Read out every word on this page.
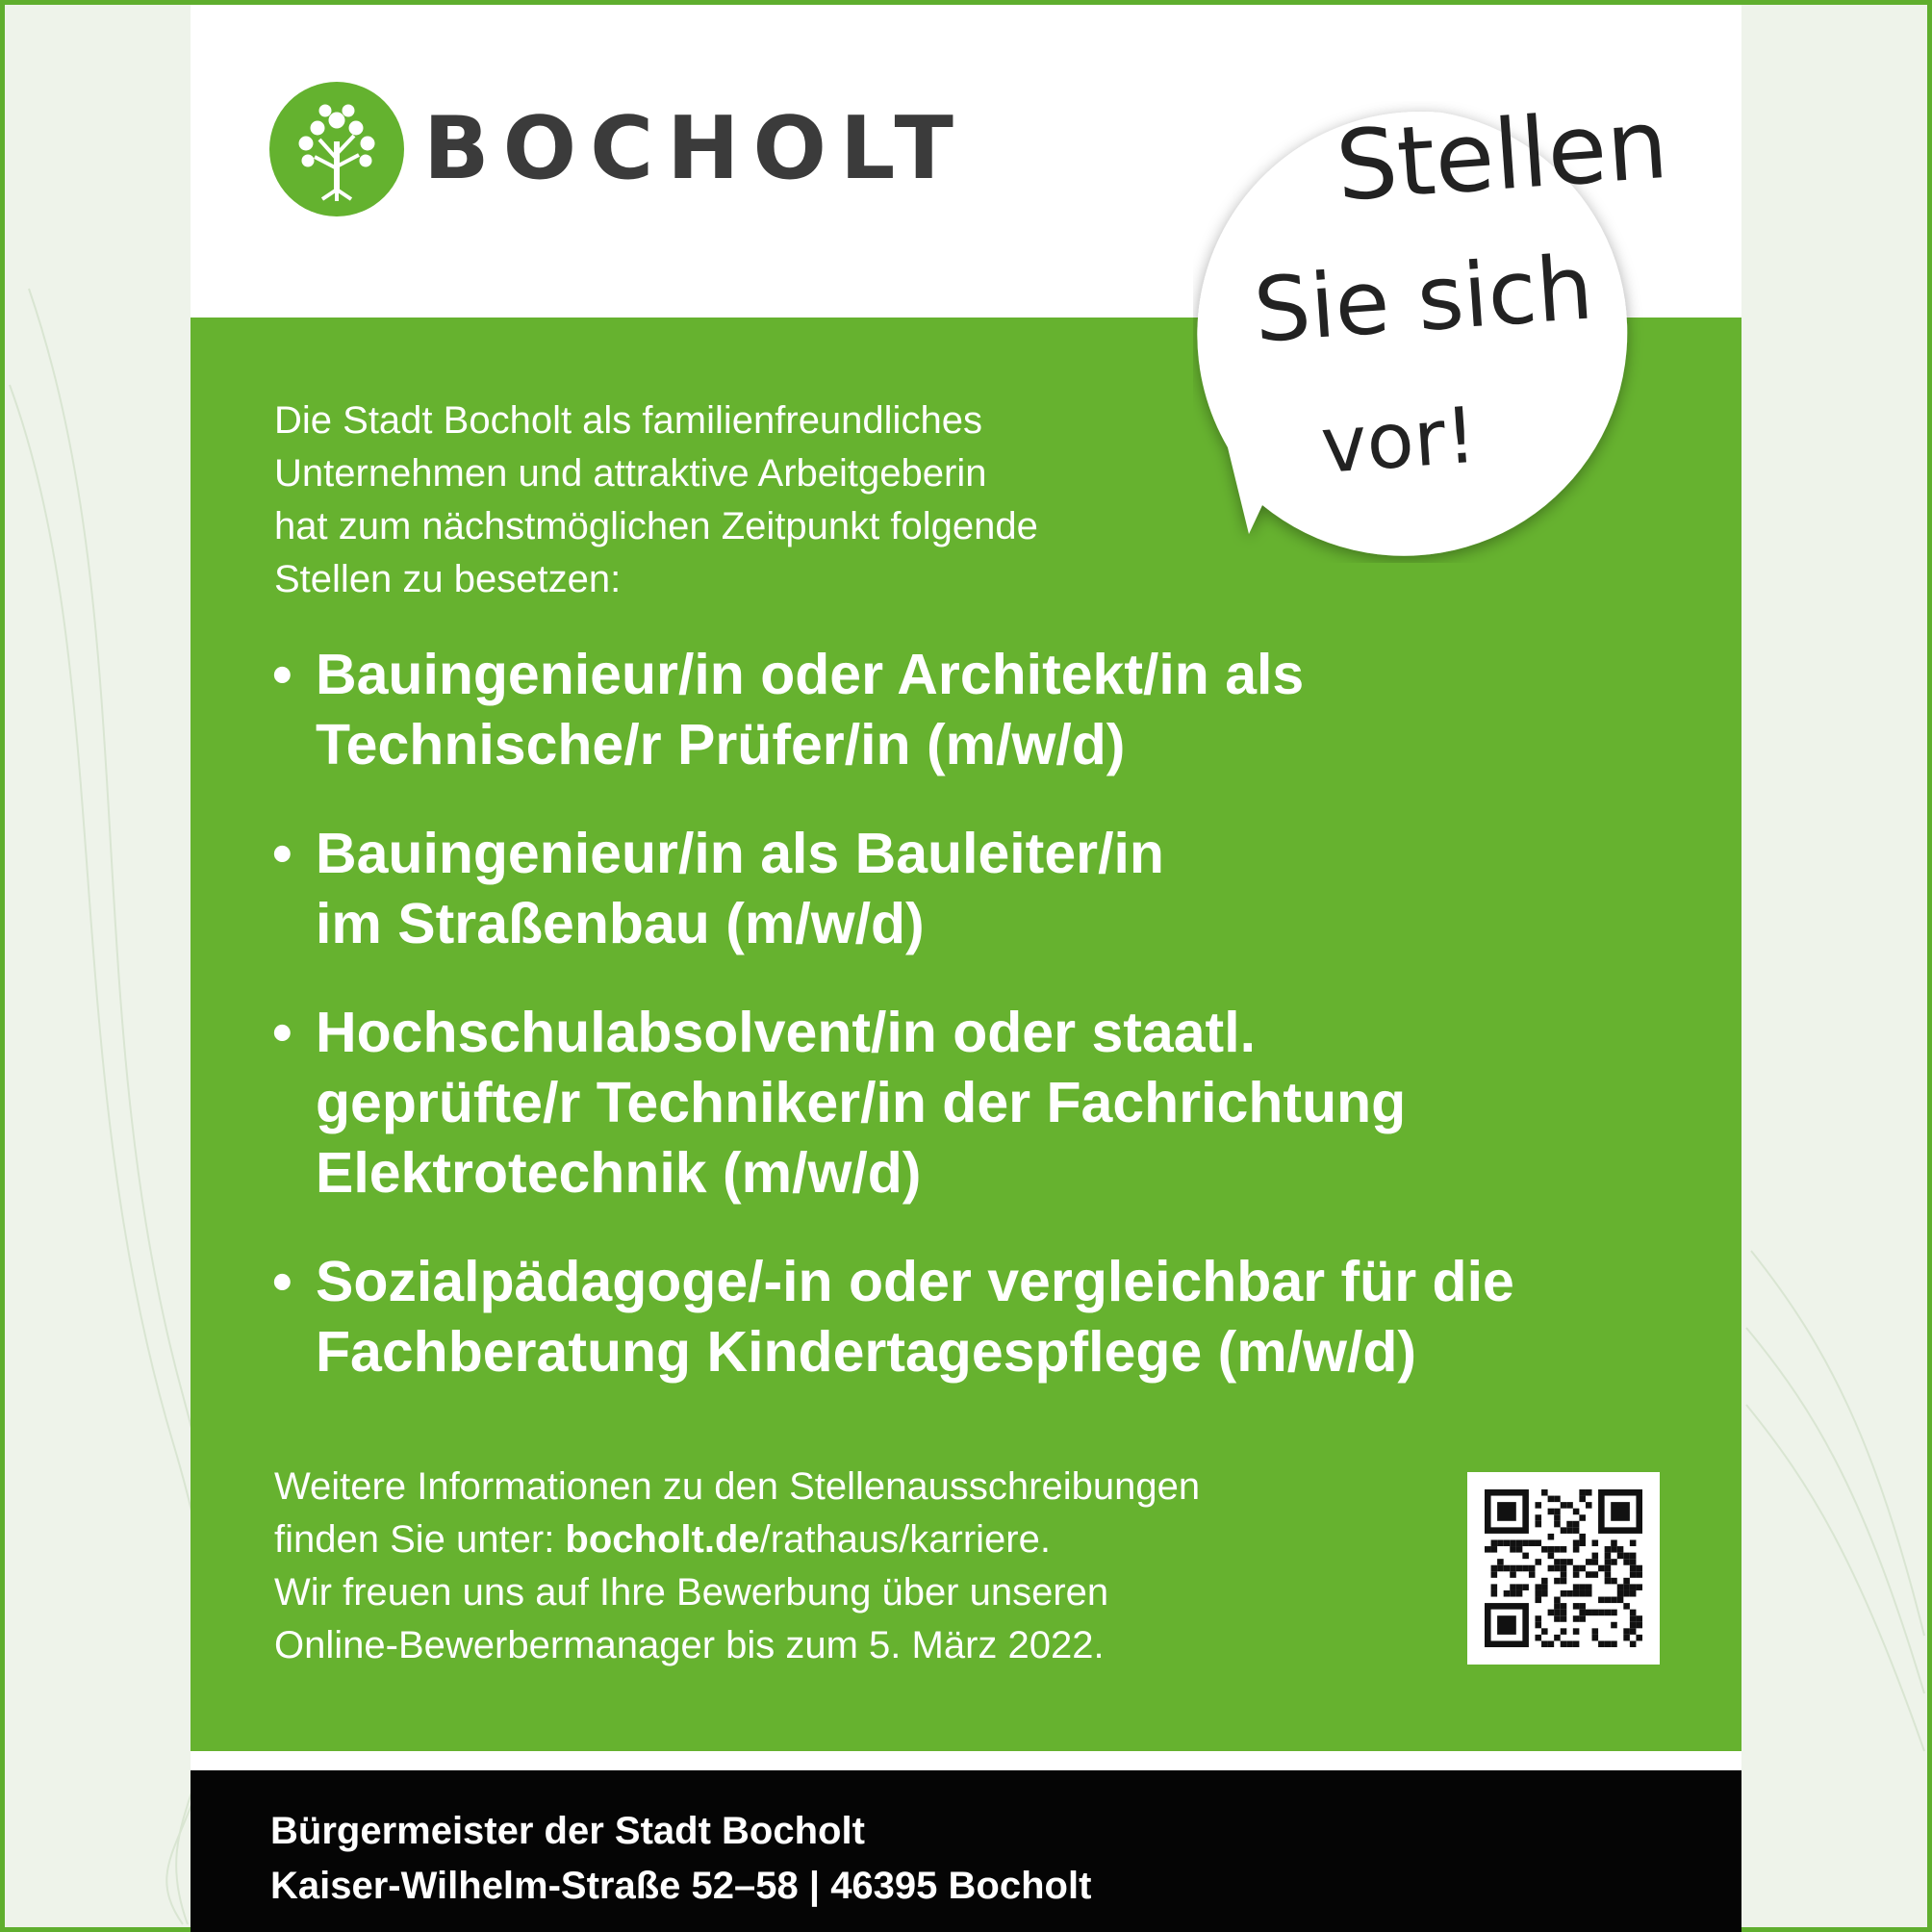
BOCHOLT	Stellen
Sie sich
vor!
Die Stadt Bocholt als familienfreundliches
Unternehmen und attraktive Arbeitgeberin
hat zum nächstmöglichen Zeitpunkt folgende
Stellen zu besetzen:
• Bauingenieur/in oder Architekt/in als
Technische/r Prüfer/in (m/w/d)
• Bauingenieur/in als Bauleiter/in
im Straßenbau (m/w/d)
• Hochschulabsolvent/in oder staatl.
geprüfte/r Techniker/in der Fachrichtung
Elektrotechnik (m/w/d)
• Sozialpädagoge/-in oder vergleichbar für die
Fachberatung Kindertagespflege (m/w/d)
Weitere Informationen zu den Stellenausschreibungen
finden Sie unter: bocholt.de/rathaus/karriere.
Wir freuen uns auf Ihre Bewerbung über unseren
Online-Bewerbermanager bis zum 5. März 2022.
Bürgermeister der Stadt Bocholt
Kaiser-Wilhelm-Straße 52–58 | 46395 Bocholt
